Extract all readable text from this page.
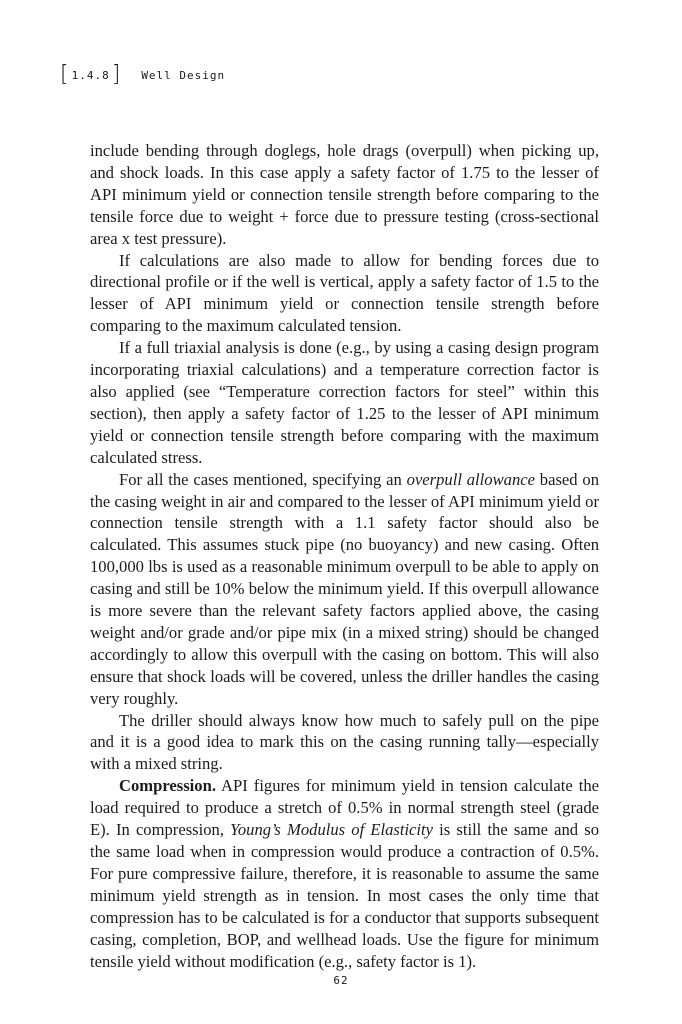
[ 1.4.8 ] Well Design

include bending through doglegs, hole drags (overpull) when picking up, and shock loads. In this case apply a safety factor of 1.75 to the lesser of API minimum yield or connection tensile strength before comparing to the tensile force due to weight + force due to pressure testing (cross-sectional area x test pressure).

If calculations are also made to allow for bending forces due to directional profile or if the well is vertical, apply a safety factor of 1.5 to the lesser of API minimum yield or connection tensile strength before comparing to the maximum calculated tension.

If a full triaxial analysis is done (e.g., by using a casing design program incorporating triaxial calculations) and a temperature correction factor is also applied (see “Temperature correction factors for steel” within this section), then apply a safety factor of 1.25 to the lesser of API minimum yield or connection tensile strength before comparing with the maximum calculated stress.

For all the cases mentioned, specifying an overpull allowance based on the casing weight in air and compared to the lesser of API minimum yield or connection tensile strength with a 1.1 safety factor should also be calculated. This assumes stuck pipe (no buoyancy) and new casing. Often 100,000 lbs is used as a reasonable minimum overpull to be able to apply on casing and still be 10% below the minimum yield. If this overpull allowance is more severe than the relevant safety factors applied above, the casing weight and/or grade and/or pipe mix (in a mixed string) should be changed accordingly to allow this overpull with the casing on bottom. This will also ensure that shock loads will be covered, unless the driller handles the casing very roughly.

The driller should always know how much to safely pull on the pipe and it is a good idea to mark this on the casing running tally—especially with a mixed string.

Compression. API figures for minimum yield in tension calculate the load required to produce a stretch of 0.5% in normal strength steel (grade E). In compression, Young’s Modulus of Elasticity is still the same and so the same load when in compression would produce a contraction of 0.5%. For pure compressive failure, therefore, it is reasonable to assume the same minimum yield strength as in tension. In most cases the only time that compression has to be calculated is for a conductor that supports subsequent casing, completion, BOP, and wellhead loads. Use the figure for minimum tensile yield without modification (e.g., safety factor is 1).

62
